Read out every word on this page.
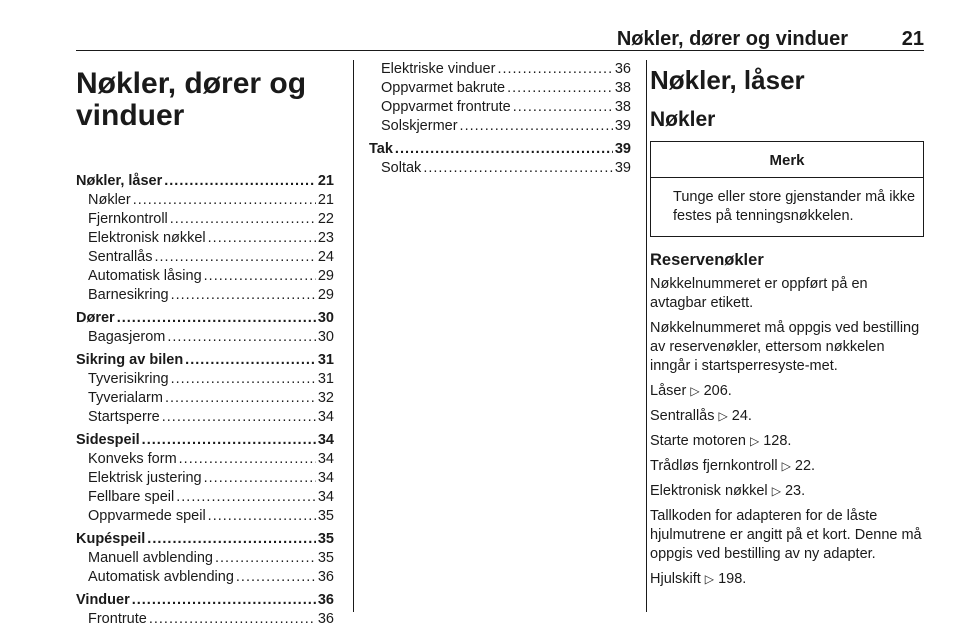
Nøkler, dører og vinduer	21
Nøkler, dører og
vinduer
Nøkler, låser .....	21
Nøkler .....	21
Fjernkontroll .....	22
Elektronisk nøkkel .....	23
Sentrallås .....	24
Automatisk låsing .....	29
Barnesikring .....	29
Dører .....	30
Bagasjerom .....	30
Sikring av bilen .....	31
Tyverisikring .....	31
Tyverialarm .....	32
Startsperre .....	34
Sidespeil .....	34
Konveks form .....	34
Elektrisk justering .....	34
Fellbare speil .....	34
Oppvarmede speil .....	35
Kupéspeil .....	35
Manuell avblending .....	35
Automatisk avblending .....	36
Vinduer .....	36
Frontrute .....	36
Elektriske vinduer .....	36
Oppvarmet bakrute .....	38
Oppvarmet frontrute .....	38
Solskjermer .....	39
Tak .....	39
Soltak .....	39
Nøkler, låser
Nøkler
Merk
Tunge eller store gjenstander må ikke festes på tenningsnøkkelen.
Reservenøkler

Nøkkelnummeret er oppført på en avtagbar etikett.

Nøkkelnummeret må oppgis ved bestilling av reservenøkler, ettersom nøkkelen inngår i startsperresyste-met.

Låser ▷ 206.

Sentrallås ▷ 24.

Starte motoren ▷ 128.

Trådløs fjernkontroll ▷ 22.

Elektronisk nøkkel ▷ 23.

Tallkoden for adapteren for de låste hjulmutrene er angitt på et kort. Denne må oppgis ved bestilling av ny adapter.

Hjulskift ▷ 198.
